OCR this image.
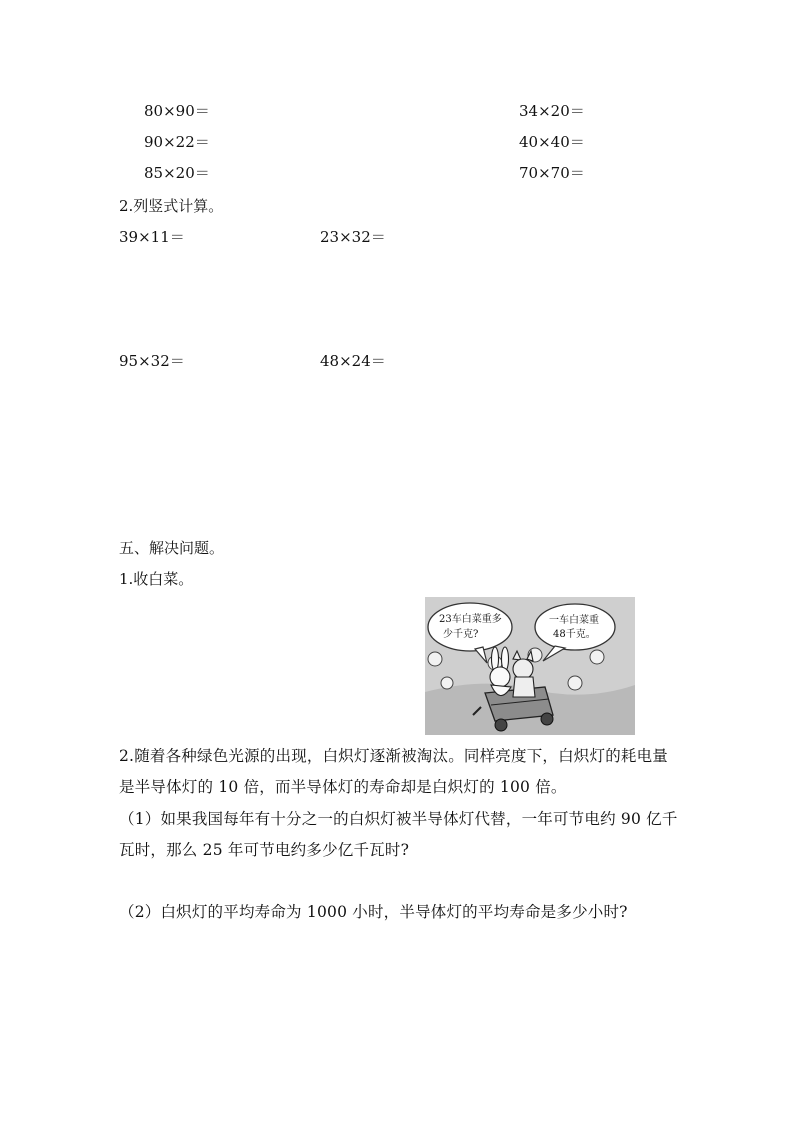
80×90＝
90×22＝
85×20＝
34×20＝
40×40＝
70×70＝
2.列竖式计算。
39×11＝	23×32＝
95×32＝	48×24＝
五、解决问题。
1.收白菜。
23车白菜重多
少千克?
一车白菜重
48千克。
2.随着各种绿色光源的出现，白炽灯逐渐被淘汰。同样亮度下，白炽灯的耗电量
是半导体灯的 10 倍，而半导体灯的寿命却是白炽灯的 100 倍。
（1）如果我国每年有十分之一的白炽灯被半导体灯代替，一年可节电约 90 亿千
瓦时，那么 25 年可节电约多少亿千瓦时?
（2）白炽灯的平均寿命为 1000 小时，半导体灯的平均寿命是多少小时?
